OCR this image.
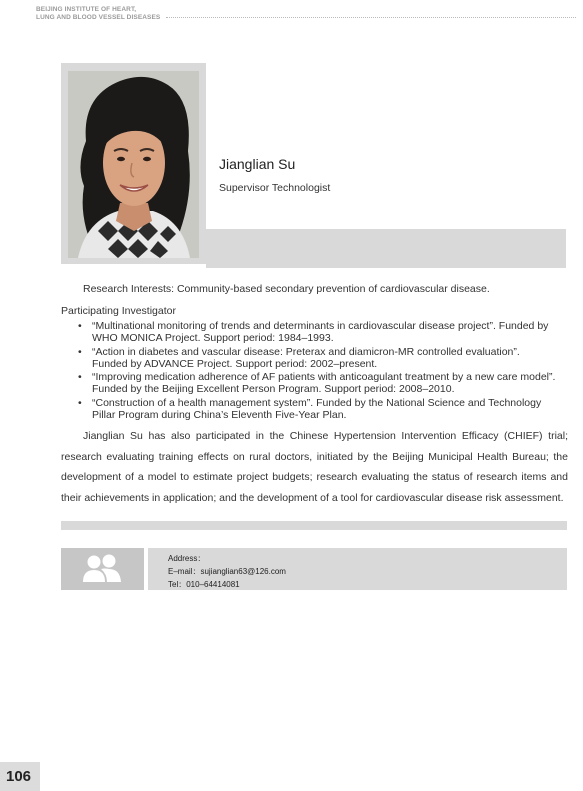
BEIJING INSTITUTE OF HEART,
LUNG AND BLOOD VESSEL DISEASES
Jianglian Su
Supervisor Technologist
Research Interests: Community-based secondary prevention of cardiovascular disease.
Participating Investigator
• “Multinational monitoring of trends and determinants in cardiovascular disease project”. Funded by
WHO MONICA Project. Support period: 1984–1993.
• “Action in diabetes and vascular disease: Preterax and diamicron-MR controlled evaluation”.
Funded by ADVANCE Project. Support period: 2002–present.
• “Improving medication adherence of AF patients with anticoagulant treatment by a new care model”.
Funded by the Beijing Excellent Person Program. Support period: 2008–2010.
• “Construction of a health management system”. Funded by the National Science and Technology
Pillar Program during China’s Eleventh Five-Year Plan.

Jianglian Su has also participated in the Chinese Hypertension Intervention Efficacy (CHIEF) trial; research evaluating training effects on rural doctors, initiated by the Beijing Municipal Health Bureau; the development of a model to estimate project budgets; research evaluating the status of research items and their achievements in application; and the development of a tool for cardiovascular disease risk assessment.

Address：
E–mail：sujianglian63@126.com
Tel：010–64414081
106
